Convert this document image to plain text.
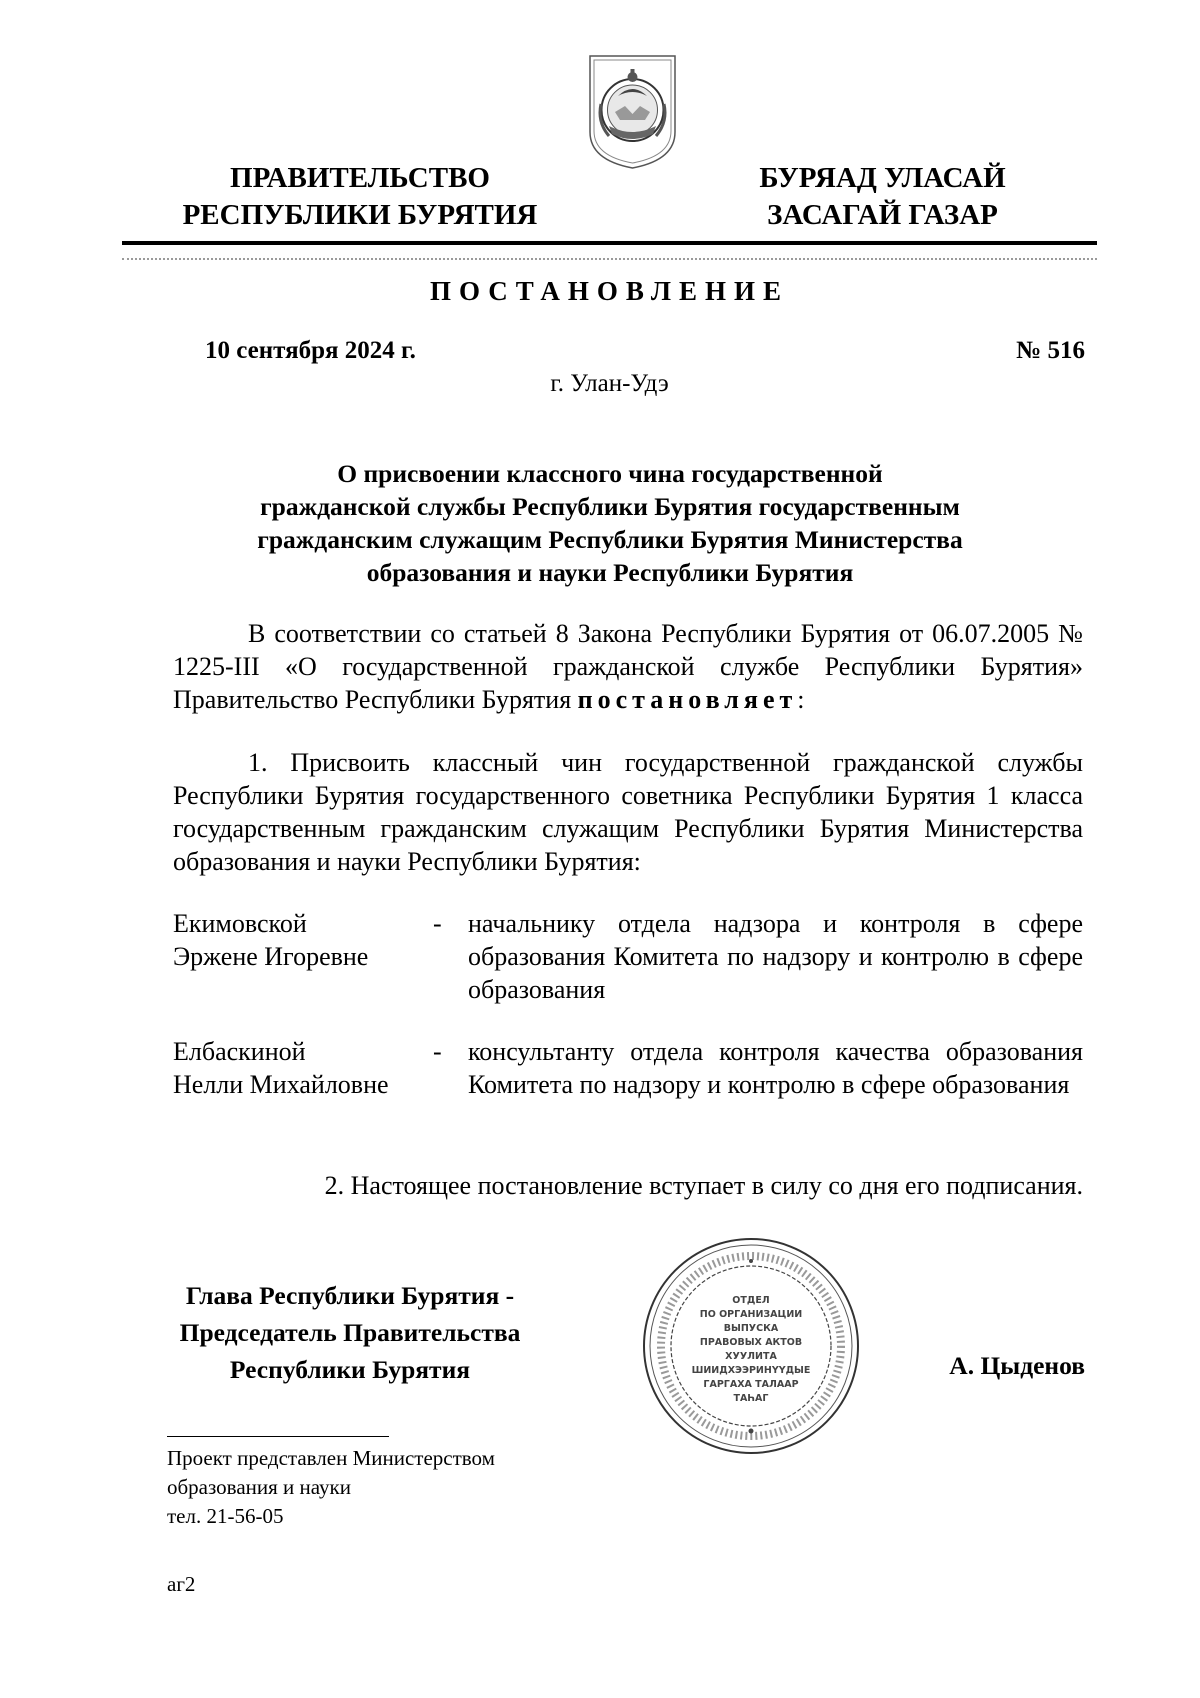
ПРАВИТЕЛЬСТВО
РЕСПУБЛИКИ БУРЯТИЯ
БУРЯАД УЛАСАЙ
ЗАСАГАЙ ГАЗАР
ПОСТАНОВЛЕНИЕ
10 сентября 2024 г.	№ 516
г. Улан-Удэ
О присвоении классного чина государственной
гражданской службы Республики Бурятия государственным
гражданским служащим Республики Бурятия Министерства
образования и науки Республики Бурятия
В соответствии со статьей 8 Закона Республики Бурятия от 06.07.2005 № 1225-III «О государственной гражданской службе Республики Бурятия» Правительство Республики Бурятия постановляет:
1. Присвоить классный чин государственной гражданской службы Республики Бурятия государственного советника Республики Бурятия 1 класса государственным гражданским служащим Республики Бурятия Министерства образования и науки Республики Бурятия:
Екимовской
Эржене Игоревне
-	начальнику отдела надзора и контроля в сфере образования Комитета по надзору и контролю в сфере образования
Елбаскиной
Нелли Михайловне
-	консультанту отдела контроля качества образования Комитета по надзору и контролю в сфере образования
2. Настоящее постановление вступает в силу со дня его подписания.
Глава Республики Бурятия -
Председатель Правительства
Республики Бурятия
ОТДЕЛ
ПО ОРГАНИЗАЦИИ
ВЫПУСКА
ПРАВОВЫХ АКТОВ
ХУУЛИТА
ШИИДХЭЭРИНҮҮДЫЕ
ГАРГАХА ТАЛААР
ТАҺАГ
А. Цыденов
Проект представлен Министерством
образования и науки
тел. 21-56-05
аг2
